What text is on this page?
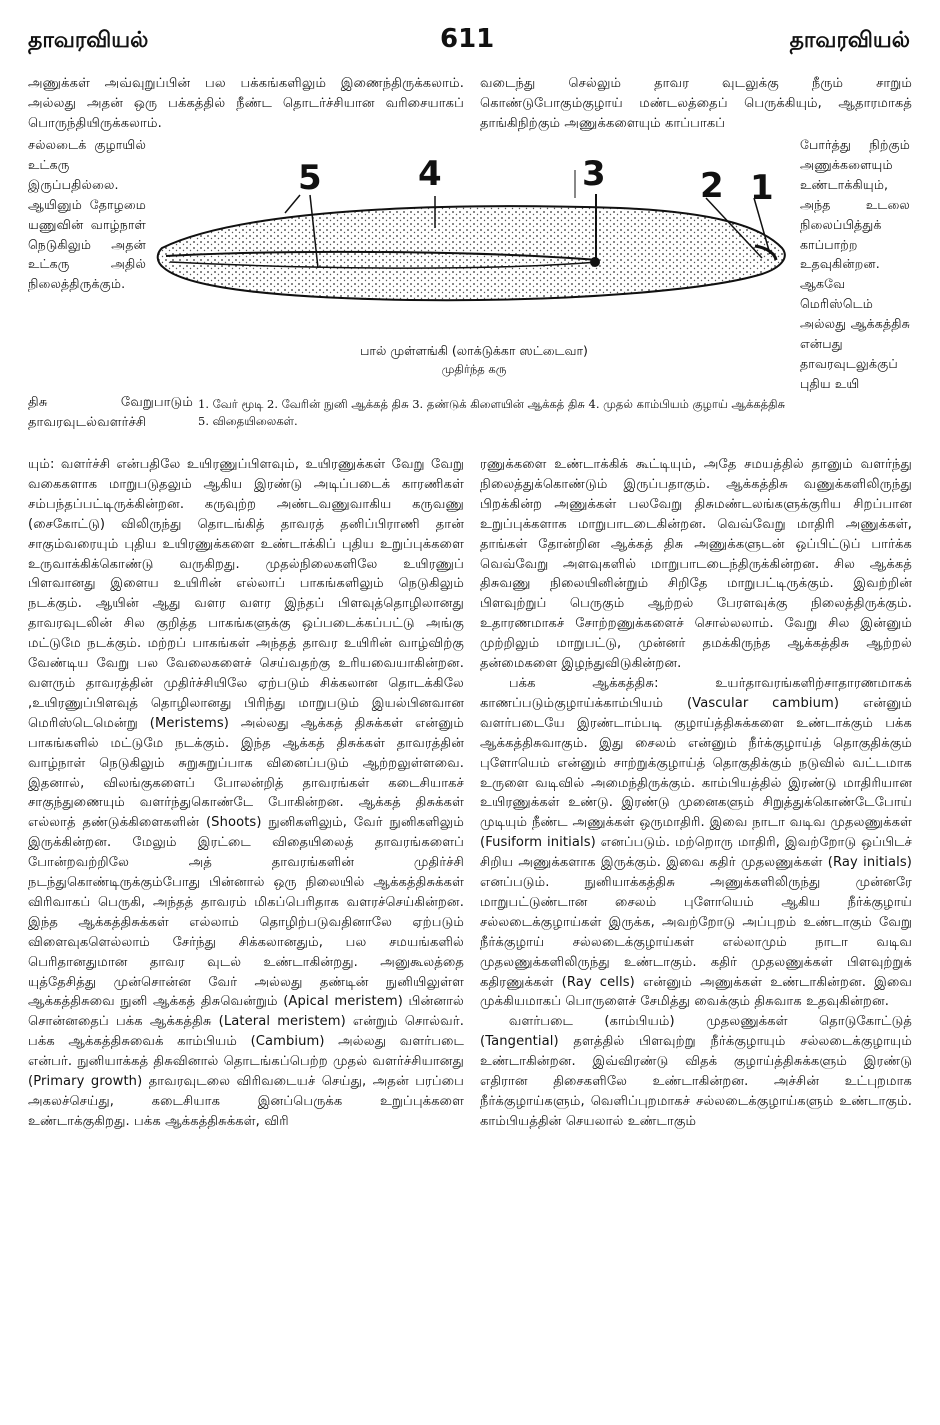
தாவரவியல்	611	தாவரவியல்

அணுக்கள் அவ்வுறுப்பின் பல பக்கங்களிலும் இணைந்திருக்கலாம். அல்லது அதன் ஒரு பக்கத்தில் நீண்ட தொடர்ச்சியான வரிசையாகப் பொருந்தியிருக்கலாம்.

சல்லடைக் குழாயில் உட்கரு இருப்பதில்லை. ஆயினும் தோழமை யணுவின் வாழ்நாள் நெடுகிலும் அதன் உட்கரு அதில் நிலைத்திருக்கும்.

வடைந்து செல்லும் தாவர வுடலுக்கு நீரும் சாறும் கொண்டுபோகும்குழாய் மண்டலத்தைப் பெருக்கியும், ஆதாரமாகத் தாங்கிநிற்கும் அணுக்களையும் காப்பாகப்

போர்த்து நிற்கும் அணுக்களையும் உண்டாக்கியும், அந்த உடலை நிலைப்பித்துக் காப்பாற்ற உதவுகின்றன. ஆகவே மெரிஸ்டெம் அல்லது ஆக்கத்திசு என்பது தாவரவுடலுக்குப் புதிய உயி

5	4	3	2 1
பால் முள்ளங்கி (லாக்டுக்கா ஸட்டைவா)
முதிர்ந்த கரு
1. வேர் மூடி 2. வேரின் நுனி ஆக்கத் திசு 3. தண்டுக் கிளையின் ஆக்கத் திசு 4. முதல் காம்பியம் குழாய் ஆக்கத்திசு 5. விதையிலைகள்.

திசு வேறுபாடும் தாவரவுடல்வளர்ச்சி

யும்: வளர்ச்சி என்பதிலே உயிரணுப்பிளவும், உயிரணுக்கள் வேறு வேறு வகைகளாக மாறுபடுதலும் ஆகிய இரண்டு அடிப்படைக் காரணிகள் சம்பந்தப்பட்டிருக்கின்றன. கருவுற்ற அண்டவணுவாகிய கருவணு (சைகோட்டு) விலிருந்து தொடங்கித் தாவரத் தனிப்பிராணி தான் சாகும்வரையும் புதிய உயிரணுக்களை உண்டாக்கிப் புதிய உறுப்புக்களை உருவாக்கிக்கொண்டு வருகிறது. முதல்நிலைகளிலே உயிரணுப் பிளவானது இளைய உயிரின் எல்லாப் பாகங்களிலும் நெடுகிலும் நடக்கும். ஆயின் ஆது வளர வளர இந்தப் பிளவுத்தொழிலானது தாவரவுடலின் சில குறித்த பாகங்களுக்கு ஒப்படைக்கப்பட்டு அங்கு மட்டுமே நடக்கும். மற்றப் பாகங்கள் அந்தத் தாவர உயிரின் வாழ்விற்கு வேண்டிய வேறு பல வேலைகளைச் செய்வதற்கு உரியவையாகின்றன. வளரும் தாவரத்தின் முதிர்ச்சியிலே ஏற்படும் சிக்கலான தொடக்கிலே ,உயிரணுப்பிளவுத் தொழிலானது பிரிந்து மாறுபடும் இயல்பினவான மெரிஸ்டெமென்று (Meristems) அல்லது ஆக்கத் திசுக்கள் என்னும் பாகங்களில் மட்டுமே நடக்கும். இந்த ஆக்கத் திசுக்கள் தாவரத்தின் வாழ்நாள் நெடுகிலும் சுறுசுறுப்பாக வினைப்படும் ஆற்றலுள்ளவை. இதனால், விலங்குகளைப் போலன்றித் தாவரங்கள் கடைசியாகச் சாகுந்துணையும் வளர்ந்துகொண்டே போகின்றன. ஆக்கத் திசுக்கள் எல்லாத் தண்டுக்கிளைகளின் (Shoots) நுனிகளிலும், வேர் நுனிகளிலும் இருக்கின்றன. மேலும் இரட்டை விதையிலைத் தாவரங்களைப் போன்றவற்றிலே அத் தாவரங்களின் முதிர்ச்சி நடந்துகொண்டிருக்கும்போது பின்னால் ஒரு நிலையில் ஆக்கத்திசுக்கள் விரிவாகப் பெருகி, அந்தத் தாவரம் மிகப்பெரிதாக வளரச்செய்கின்றன. இந்த ஆக்கத்திசுக்கள் எல்லாம் தொழிற்படுவதினாலே ஏற்படும் விளைவுகளெல்லாம் சேர்ந்து சிக்கலானதும், பல சமயங்களில் பெரிதானதுமான தாவர வுடல் உண்டாகின்றது. அனுகூலத்தை யுத்தேசித்து முன்சொன்ன வேர் அல்லது தண்டின் நுனியிலுள்ள ஆக்கத்திசுவை நுனி ஆக்கத் திசுவென்றும் (Apical meristem) பின்னால் சொன்னதைப் பக்க ஆக்கத்திசு (Lateral meristem) என்றும் சொல்வர். பக்க ஆக்கத்திசுவைக் காம்பியம் (Cambium) அல்லது வளர்படை என்பர். நுனியாக்கத் திசுவினால் தொடங்கப்பெற்ற முதல் வளர்ச்சியானது (Primary growth) தாவரவுடலை விரிவடையச் செய்து, அதன் பரப்பை அகலச்செய்து, கடைசியாக இனப்பெருக்க உறுப்புக்களை உண்டாக்குகிறது. பக்க ஆக்கத்திசுக்கள், விரி

ரணுக்களை உண்டாக்கிக் கூட்டியும், அதே சமயத்தில் தானும் வளர்ந்து நிலைத்துக்கொண்டும் இருப்பதாகும். ஆக்கத்திசு வணுக்களிலிருந்து பிறக்கின்ற அணுக்கள் பலவேறு திசுமண்டலங்களுக்குரிய சிறப்பான உறுப்புக்களாக மாறுபாடடைகின்றன. வெவ்வேறு மாதிரி அணுக்கள், தாங்கள் தோன்றின ஆக்கத் திசு அணுக்களுடன் ஒப்பிட்டுப் பார்க்க வெவ்வேறு அளவுகளில் மாறுபாடடைந்திருக்கின்றன. சில ஆக்கத் திசுவணு நிலையினின்றும் சிறிதே மாறுபட்டிருக்கும். இவற்றின் பிளவுற்றுப் பெருகும் ஆற்றல் பேரளவுக்கு நிலைத்திருக்கும். உதாரணமாகச் சோற்றணுக்களைச் சொல்லலாம். வேறு சில இன்னும் முற்றிலும் மாறுபட்டு, முன்னர் தமக்கிருந்த ஆக்கத்திசு ஆற்றல் தன்மைகளை இழந்துவிடுகின்றன.

பக்க ஆக்கத்திசு: உயர்தாவரங்களிற்சாதாரணமாகக் காணப்படும்குழாய்க்காம்பியம் (Vascular cambium) என்னும் வளர்படையே இரண்டாம்படி குழாய்த்திசுக்களை உண்டாக்கும் பக்க ஆக்கத்திசுவாகும். இது சைலம் என்னும் நீர்க்குழாய்த் தொகுதிக்கும் புளோயெம் என்னும் சாற்றுக்குழாய்த் தொகுதிக்கும் நடுவில் வட்டமாக உருளை வடிவில் அமைந்திருக்கும். காம்பியத்தில் இரண்டு மாதிரியான உயிரணுக்கள் உண்டு. இரண்டு முனைகளும் சிறுத்துக்கொண்டேபோய் முடியும் நீண்ட அணுக்கள் ஒருமாதிரி. இவை நாடா வடிவ முதலணுக்கள் (Fusiform initials) எனப்படும். மற்றொரு மாதிரி, இவற்றோடு ஒப்பிடச் சிறிய அணுக்களாக இருக்கும். இவை கதிர் முதலணுக்கள் (Ray initials) எனப்படும். நுனியாக்கத்திசு அணுக்களிலிருந்து முன்னரே மாறுபட்டுண்டான சைலம் புளோயெம் ஆகிய நீர்க்குழாய் சல்லடைக்குழாய்கள் இருக்க, அவற்றோடு அப்புறம் உண்டாகும் வேறு நீர்க்குழாய் சல்லடைக்குழாய்கள் எல்லாமும் நாடா வடிவ முதலணுக்களிலிருந்து உண்டாகும். கதிர் முதலணுக்கள் பிளவுற்றுக் கதிரணுக்கள் (Ray cells) என்னும் அணுக்கள் உண்டாகின்றன. இவை முக்கியமாகப் பொருளைச் சேமித்து வைக்கும் திசுவாக உதவுகின்றன.

வளர்படை (காம்பியம்) முதலணுக்கள் தொடுகோட்டுத் (Tangential) தளத்தில் பிளவுற்று நீர்க்குழாயும் சல்லடைக்குழாயும் உண்டாகின்றன. இவ்விரண்டு விதக் குழாய்த்திசுக்களும் இரண்டு எதிரான திசைகளிலே உண்டாகின்றன. அச்சின் உட்புறமாக நீர்க்குழாய்களும், வெளிப்புறமாகச் சல்லடைக்குழாய்களும் உண்டாகும். காம்பியத்தின் செயலால் உண்டாகும்
